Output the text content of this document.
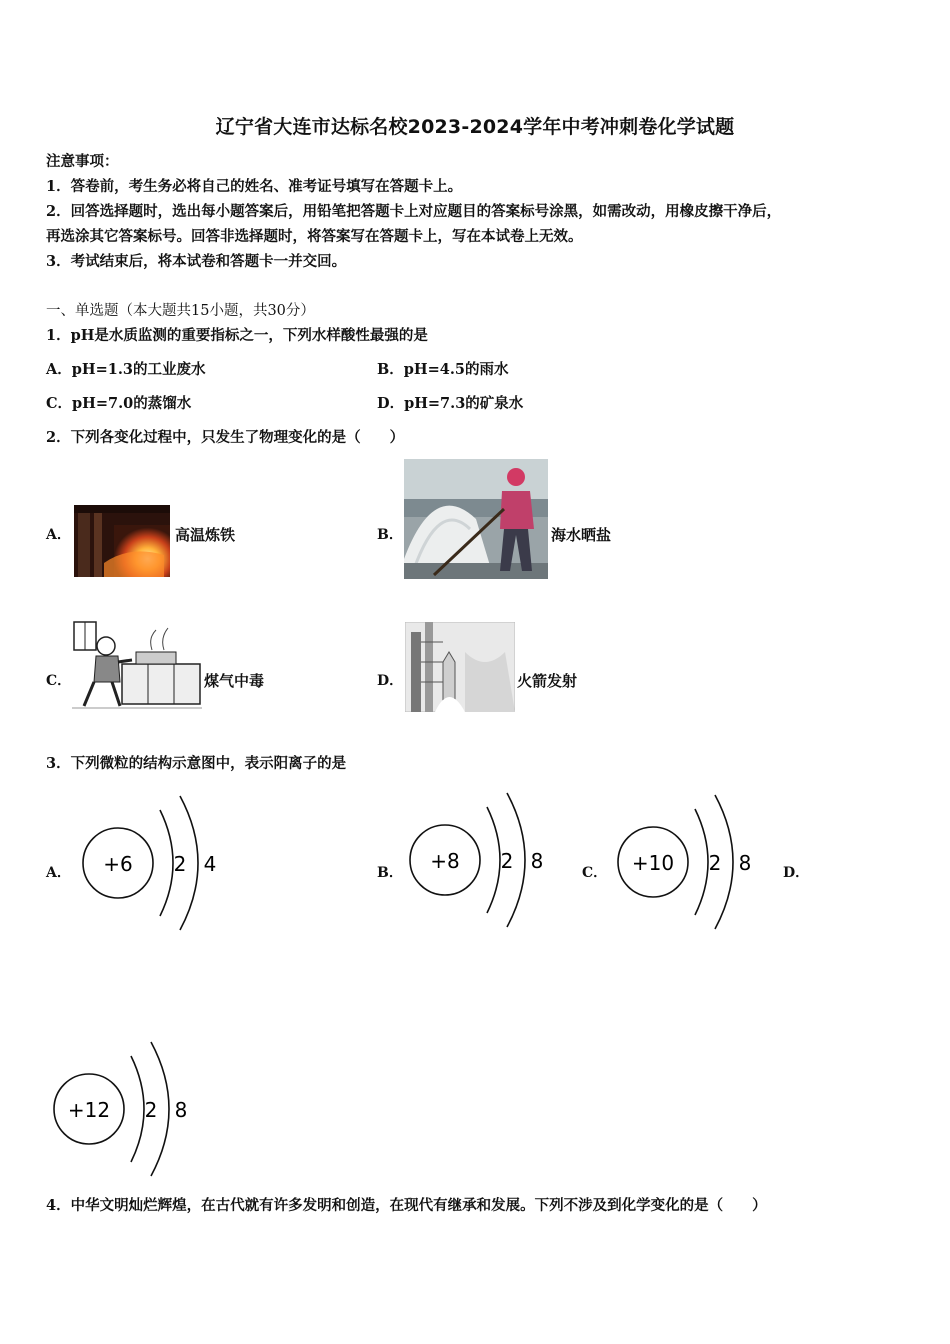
辽宁省大连市达标名校2023-2024学年中考冲刺卷化学试题
注意事项：
1．答卷前，考生务必将自己的姓名、准考证号填写在答题卡上。
2．回答选择题时，选出每小题答案后，用铅笔把答题卡上对应题目的答案标号涂黑，如需改动，用橡皮擦干净后，
再选涂其它答案标号。回答非选择题时，将答案写在答题卡上，写在本试卷上无效。
3．考试结束后，将本试卷和答题卡一并交回。
一、单选题（本大题共15小题，共30分）
1．pH是水质监测的重要指标之一，下列水样酸性最强的是
A．pH=1.3的工业废水	B．pH=4.5的雨水
C．pH=7.0的蒸馏水	D．pH=7.3的矿泉水
2．下列各变化过程中，只发生了物理变化的是（　　）
A．	高温炼铁	B．	海水晒盐
C．	煤气中毒	D．	火箭发射
3．下列微粒的结构示意图中，表示阳离子的是
A．	B．	C．	D．
+6 2 4	+8 2 8	+10 2 8
+12 2 8
4．中华文明灿烂辉煌，在古代就有许多发明和创造，在现代有继承和发展。下列不涉及到化学变化的是（　　）
